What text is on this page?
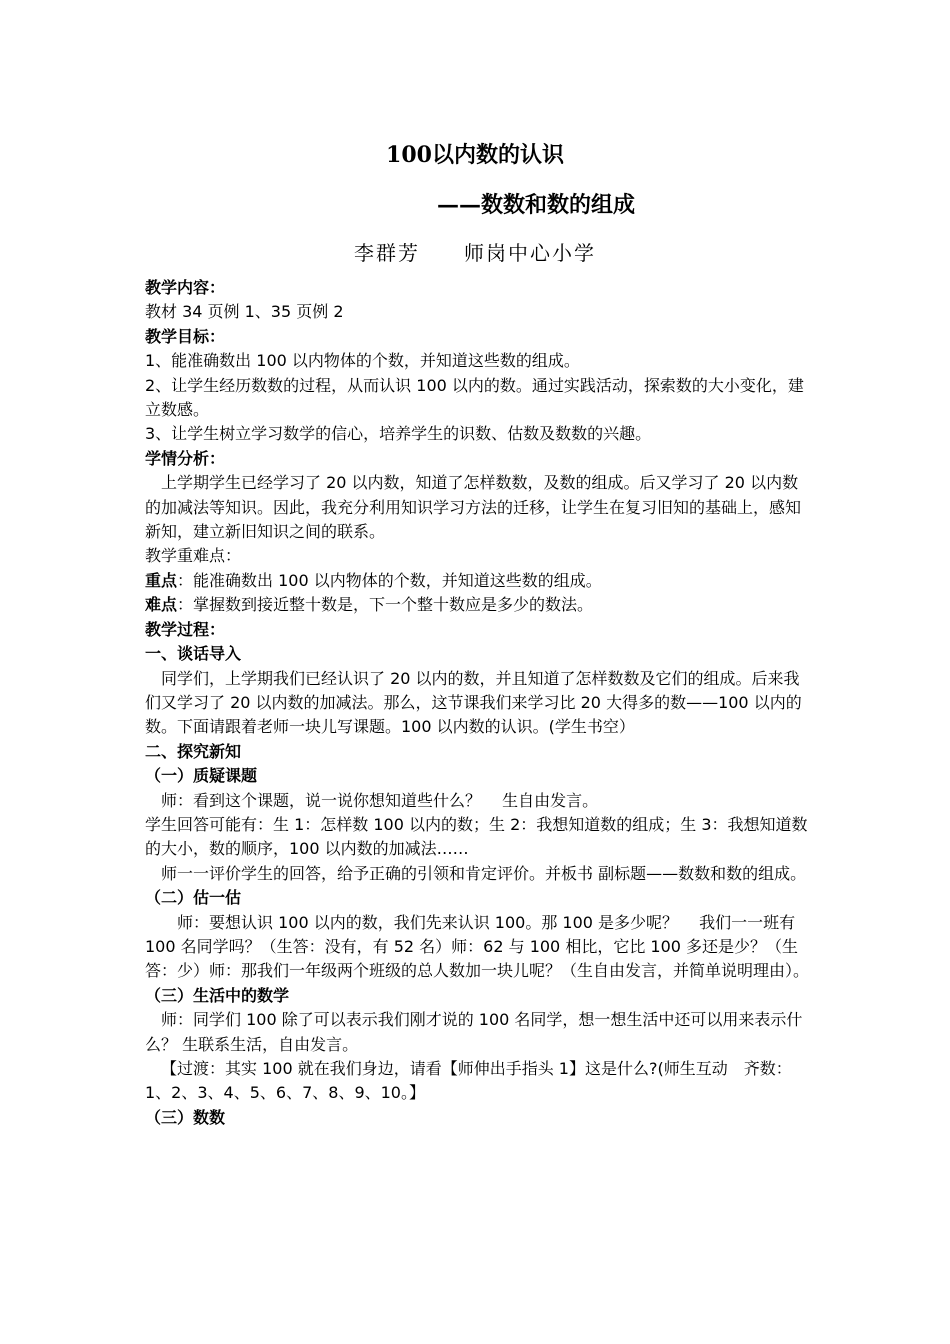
100以内数的认识
——数数和数的组成
李群芳 师岗中心小学

教学内容：

教材 34 页例 1、35 页例 2

教学目标：

1、能准确数出 100 以内物体的个数，并知道这些数的组成。

2、让学生经历数数的过程，从而认识 100 以内的数。通过实践活动，探索数的大小变化，建立数感。

3、让学生树立学习数学的信心，培养学生的识数、估数及数数的兴趣。

学情分析：

上学期学生已经学习了 20 以内数，知道了怎样数数，及数的组成。后又学习了 20 以内数的加减法等知识。因此，我充分利用知识学习方法的迁移，让学生在复习旧知的基础上，感知新知，建立新旧知识之间的联系。

教学重难点：

重点：能准确数出 100 以内物体的个数，并知道这些数的组成。

难点：掌握数到接近整十数是，下一个整十数应是多少的数法。

教学过程：

一、谈话导入

同学们，上学期我们已经认识了 20 以内的数，并且知道了怎样数数及它们的组成。后来我们又学习了 20 以内数的加减法。那么，这节课我们来学习比 20 大得多的数——100 以内的数。下面请跟着老师一块儿写课题。100 以内数的认识。(学生书空）

二、探究新知

（一）质疑课题

师：看到这个课题，说一说你想知道些什么？　 生自由发言。

学生回答可能有：生 1：怎样数 100 以内的数；生 2：我想知道数的组成；生 3：我想知道数的大小，数的顺序，100 以内数的加减法……

师一一评价学生的回答，给予正确的引领和肯定评价。并板书 副标题——数数和数的组成。

（二）估一估

师：要想认识 100 以内的数，我们先来认识 100。那 100 是多少呢？　 我们一一班有 100 名同学吗？（生答：没有，有 52 名）师：62 与 100 相比，它比 100 多还是少？（生答：少）师：那我们一年级两个班级的总人数加一块儿呢？（生自由发言，并简单说明理由）。

（三）生活中的数学

师：同学们 100 除了可以表示我们刚才说的 100 名同学，想一想生活中还可以用来表示什么？ 生联系生活，自由发言。

【过渡：其实 100 就在我们身边，请看【师伸出手指头 1】这是什么?(师生互动　齐数：1、2、3、4、5、6、7、8、9、10。】

（三）数数
